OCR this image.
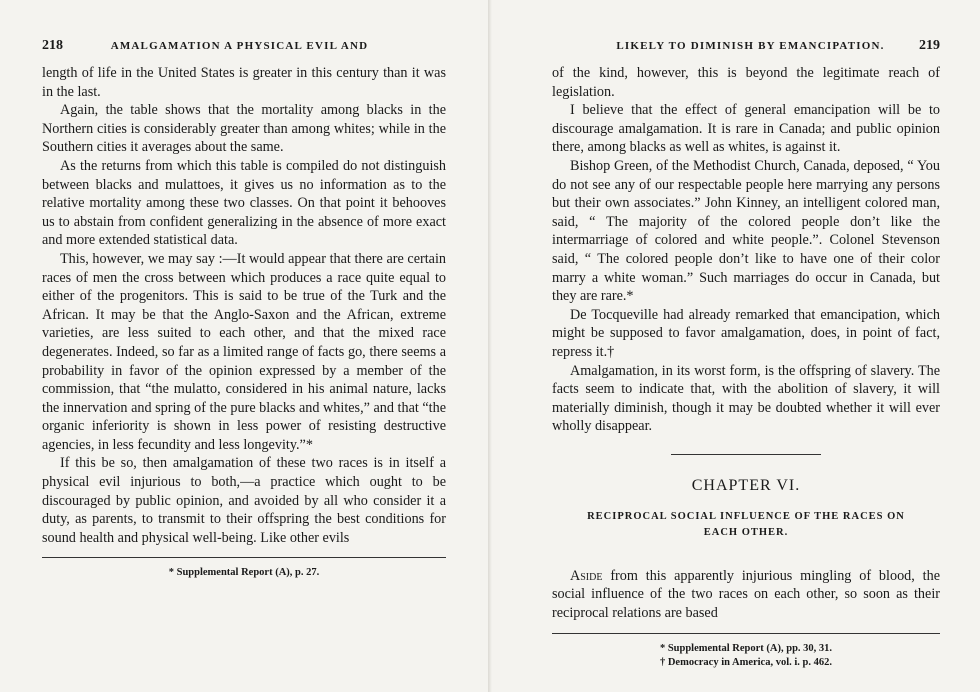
218	AMALGAMATION A PHYSICAL EVIL AND

length of life in the United States is greater in this century than it was in the last.

Again, the table shows that the mortality among blacks in the Northern cities is considerably greater than among whites; while in the Southern cities it averages about the same.

As the returns from which this table is compiled do not distinguish between blacks and mulattoes, it gives us no information as to the relative mortality among these two classes. On that point it behooves us to abstain from confident generalizing in the absence of more exact and more extended statistical data.

This, however, we may say :—It would appear that there are certain races of men the cross between which produces a race quite equal to either of the progenitors. This is said to be true of the Turk and the African. It may be that the Anglo-Saxon and the African, extreme varieties, are less suited to each other, and that the mixed race degenerates. Indeed, so far as a limited range of facts go, there seems a probability in favor of the opinion expressed by a member of the commission, that “the mulatto, considered in his animal nature, lacks the innervation and spring of the pure blacks and whites,” and that “the organic inferiority is shown in less power of resisting destructive agencies, in less fecundity and less longevity.”*

If this be so, then amalgamation of these two races is in itself a physical evil injurious to both,—a practice which ought to be discouraged by public opinion, and avoided by all who consider it a duty, as parents, to transmit to their offspring the best conditions for sound health and physical well-being. Like other evils

* Supplemental Report (A), p. 27.
LIKELY TO DIMINISH BY EMANCIPATION. 219

of the kind, however, this is beyond the legitimate reach of legislation.

I believe that the effect of general emancipation will be to discourage amalgamation. It is rare in Canada; and public opinion there, among blacks as well as whites, is against it.

Bishop Green, of the Methodist Church, Canada, deposed, “ You do not see any of our respectable people here marrying any persons but their own associates.” John Kinney, an intelligent colored man, said, “ The majority of the colored people don’t like the intermarriage of colored and white people.”. Colonel Stevenson said, “ The colored people don’t like to have one of their color marry a white woman.” Such marriages do occur in Canada, but they are rare.*

De Tocqueville had already remarked that emancipation, which might be supposed to favor amalgamation, does, in point of fact, repress it.†

Amalgamation, in its worst form, is the offspring of slavery. The facts seem to indicate that, with the abolition of slavery, it will materially diminish, though it may be doubted whether it will ever wholly disappear.

CHAPTER VI.
RECIPROCAL SOCIAL INFLUENCE OF THE RACES ON
EACH OTHER.

Aside from this apparently injurious mingling of blood, the social influence of the two races on each other, so soon as their reciprocal relations are based

* Supplemental Report (A), pp. 30, 31.
† Democracy in America, vol. i. p. 462.
